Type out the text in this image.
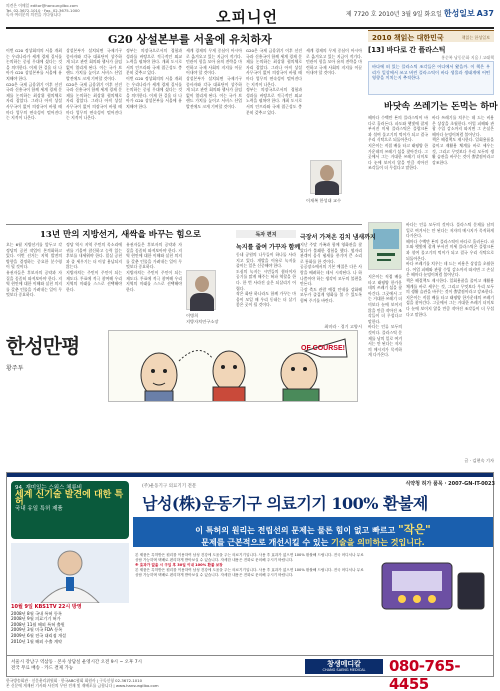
의견은 이메일 editor@hansungilbo.com
Tel. 02-3672-1010 · Fax. 02-3675-1000
독자 여러분의 의견을 기다립니다	오피니언	제 7720 호 2010년 3월 9일 화요일 한성일보 A37
G20 상설본부를 서울에 유치하자

이번 G20 정상회의의 서울 개최는 우리나라가 세계 경제 질서를 논의하는 중심 무대에 섰다는 것을 의미한다. 이제 한 걸음 더 나아가 G20 상설본부를 서울에 유치해야 한다.

G20은 국제 금융위기 이후 선진국과 신흥국이 함께 세계 경제 문제를 논의하는 최상위 협의체로 자리 잡았다. 그러나 아직 상설 사무국이 없어 의장국이 바뀔 때마다 업무의 연속성이 떨어진다는 지적이 나온다.

상설본부가 설치되면 국제기구 종사자와 각국 대표단이 상주하게 되고 관련 회의와 행사가 끊임없이 열리게 된다. 이는 국가 브랜드 가치를 높이고 서비스 산업 발전에도 크게 기여할 것이다.

G20은 국제 금융위기 이후 선진국과 신흥국이 함께 세계 경제 문제를 논의하는 최상위 협의체로 자리 잡았다. 그러나 아직 상설 사무국이 없어 의장국이 바뀔 때마다 업무의 연속성이 떨어진다는 지적이 나온다.

정부는 의장국으로서의 경험과 성과를 바탕으로 적극적인 외교 노력을 펼쳐야 한다. 개최 도시로서의 인프라와 국제 접근성도 충분히 갖추고 있다.

이번 G20 정상회의의 서울 개최는 우리나라가 세계 경제 질서를 논의하는 중심 무대에 섰다는 것을 의미한다. 이제 한 걸음 더 나아가 G20 상설본부를 서울에 유치해야 한다.

세계 경제의 무게 중심이 아시아로 옮겨오고 있는 지금이 적기다. 민관이 힘을 모아 유치 전략을 마련하고 국제 사회의 지지를 이끌어내야 할 것이다.

상설본부가 설치되면 국제기구 종사자와 각국 대표단이 상주하게 되고 관련 회의와 행사가 끊임없이 열리게 된다. 이는 국가 브랜드 가치를 높이고 서비스 산업 발전에도 크게 기여할 것이다.

G20은 국제 금융위기 이후 선진국과 신흥국이 함께 세계 경제 문제를 논의하는 최상위 협의체로 자리 잡았다. 그러나 아직 상설 사무국이 없어 의장국이 바뀔 때마다 업무의 연속성이 떨어진다는 지적이 나온다.

정부는 의장국으로서의 경험과 성과를 바탕으로 적극적인 외교 노력을 펼쳐야 한다. 개최 도시로서의 인프라와 국제 접근성도 충분히 갖추고 있다.

세계 경제의 무게 중심이 아시아로 옮겨오고 있는 지금이 적기다. 민관이 힘을 모아 유치 전략을 마련하고 국제 사회의 지지를 이끌어내야 할 것이다.

이재복 한성대 교수
2010 책읽는 대한민국	책읽는 한성일보
[13] 바다로 간 플라스틱
홍순복 남동문화 지음 / 고래책
바다에 떠 있는 플라스틱 조각들은 어디에서 왔을까. 이 책은 우리가 일상에서 쓰고 버린 플라스틱이 바다 생물과 생태계에 어떤 영향을 끼치는지 추적한다.
바닷속 쓰레기는 돈먹는 하마

해마다 수백만 톤의 플라스틱이 바다로 흘러든다. 파도와 햇빛에 잘게 부서진 미세 플라스틱은 플랑크톤과 섞여 물고기의 먹이가 되고 결국 우리 식탁으로 되돌아온다.

지은이는 직접 배를 타고 태평양 한가운데의 쓰레기 섬을 찾아간다. 그곳에서 그는 거대한 쓰레기 더미보다 눈에 보이지 않을 만큼 작아진 조각들이 더 무섭다고 말한다.

바다 쓰레기를 치우는 데 드는 비용은 상상을 초월한다. 어업 피해와 관광 수입 감소까지 따지면 그 손실은 해마다 눈덩이처럼 불어난다.

책은 해결책도 제시한다. 일회용품을 줄이고 재활용 체계를 바로 세우는 것, 그리고 무엇보다 우리 모두의 생활 습관을 바꾸는 것이 출발점이라고 강조한다.

바다는 인류 모두의 것이다. 플라스틱 문제를 남의 일로 여겨서는 안 된다는 저자의 메시지가 묵직하게 다가온다.

해마다 수백만 톤의 플라스틱이 바다로 흘러든다. 파도와 햇빛에 잘게 부서진 미세 플라스틱은 플랑크톤과 섞여 물고기의 먹이가 되고 결국 우리 식탁으로 되돌아온다.

바다 쓰레기를 치우는 데 드는 비용은 상상을 초월한다. 어업 피해와 관광 수입 감소까지 따지면 그 손실은 해마다 눈덩이처럼 불어난다.

책은 해결책도 제시한다. 일회용품을 줄이고 재활용 체계를 바로 세우는 것, 그리고 무엇보다 우리 모두의 생활 습관을 바꾸는 것이 출발점이라고 강조한다.

지은이는 직접 배를 타고 태평양 한가운데의 쓰레기 섬을 찾아간다. 그곳에서 그는 거대한 쓰레기 더미보다 눈에 보이지 않을 만큼 작아진 조각들이 더 무섭다고 말한다.

지은이는 직접 배를 타고 태평양 한가운데의 쓰레기 섬을 찾아간다. 그곳에서 그는 거대한 쓰레기 더미보다 눈에 보이지 않을 만큼 작아진 조각들이 더 무섭다고 말한다.

바다는 인류 모두의 것이다. 플라스틱 문제를 남의 일로 여겨서는 안 된다는 저자의 메시지가 묵직하게 다가온다.

글 · 김현숙 기자
13년 만의 지방선거, 새싹을 바꾸는 힘으로

오는 6월 지방선거를 앞두고 각 정당의 공천 작업이 본격화하고 있다. 이번 선거는 지역 발전의 방향을 결정하는 중요한 분수령이 될 것이다.

유권자들은 후보자의 공약과 자질을 꼼꼼히 따져보아야 한다. 지역 현안에 대한 이해와 실천 의지를 갖춘 인물을 가려내는 일이 무엇보다 중요하다.

정당 역시 지역 주민의 목소리에 귀를 기울여 참신하고 능력 있는 후보를 내세워야 한다. 밀실 공천과 줄 세우기는 더 이상 용납되지 않는다.

지방자치는 주민이 주인이 되는 제도다. 투표에 적극 참여해 우리 지역의 미래를 스스로 선택해야 한다.

유권자들은 후보자의 공약과 자질을 꼼꼼히 따져보아야 한다. 지역 현안에 대한 이해와 실천 의지를 갖춘 인물을 가려내는 일이 무엇보다 중요하다.

지방자치는 주민이 주인이 되는 제도다. 투표에 적극 참여해 우리 지역의 미래를 스스로 선택해야 한다.

이병희
지방자치연구소장
독자 편지
녹지를 줄여 가꾸자 함께

동네 공원의 나무들이 하나둘 사라지고 있다. 개발을 이유로 녹지를 줄이는 일은 신중해야 한다.

도심의 녹지는 시민들의 쉼터이자 공기를 맑게 해주는 허파 역할을 한다. 한 번 사라진 숲은 되살리기 어렵다.

작은 화단 하나라도 함께 가꾸는 마음이 모일 때 우리 동네는 더 살기 좋은 곳이 될 것이다.

극장서 가져온 김치 냄새까지

지난 주말 가족과 함께 영화관을 찾았다가 불쾌한 경험을 했다. 옆자리 관객이 음식 냄새를 풍기며 큰 소리로 통화를 한 것이다.

공공장소에서의 기본 예절은 다른 사람을 배려하는 데서 시작된다. 나 하나쯤이야 하는 생각이 모두의 불편을 만든다.

극장 측도 관람 예절 안내를 강화해 모두가 즐겁게 영화를 볼 수 있도록 힘써 주기를 바란다.

최미라 · 경기 고양시
한성만평
황주투
OF COURSE!
94. 재미있는 스위스 체류비
세계 신기술 발견에 대한 특허
국내 유일 특허 제품
(주)운동기구 의료기기 전문
남성(株)운동기구 의료기기 100% 환불제
식약청 허가 품목 · 2007-GN-IT-0023
이 특허의 원리는 전립선의 문제는 물론 힘이 없고 빠르고 "작은"
문제를 근본적으로 개선시킬 수 있는 기술을 의미하는 것입니다.
10월 9일 KBS1TV 22시 방영
2008년 8월 국내 특허 등록
2008년 9월 의료기기 허가
2008년 11월 해외 특허 출원
2009년 3월 미국 FDA 등록
2009년 6월 전국 대리점 개설
2010년 1월 해외 수출 계약

본 제품은 특허받은 원리를 이용하여 남성 건강에 도움을 주는 의료기기입니다. 사용 후 효과가 없으면 100% 환불해 드립니다. 전국 어디서나 무료 상담 가능하며 택배로 편리하게 받아보실 수 있습니다. 자세한 내용은 전화로 문의해 주시기 바랍니다.

※ 효과가 없을 시 구입 후 30일 이내 100% 환불 보장

본 제품은 특허받은 원리를 이용하여 남성 건강에 도움을 주는 의료기기입니다. 사용 후 효과가 없으면 100% 환불해 드립니다. 전국 어디서나 무료 상담 가능하며 택배로 편리하게 받아보실 수 있습니다. 자세한 내용은 전화로 문의해 주시기 바랍니다.

서울시 강남구 역삼동 · 본사 상담실 운영시간 오전 9시 ~ 오후 7시
전국 무료 배송 · 카드 결제 가능
창생메디칼
CHANG SAENG MEDICAL	080-765-4455
한국방송회관 · 신문윤리위원회 · 한국ABC협회 회원사 | 구독신청 02-3672-1010
본 신문에 게재된 기사와 사진의 무단 전재 및 재배포를 금합니다 | www.hansungilbo.com
